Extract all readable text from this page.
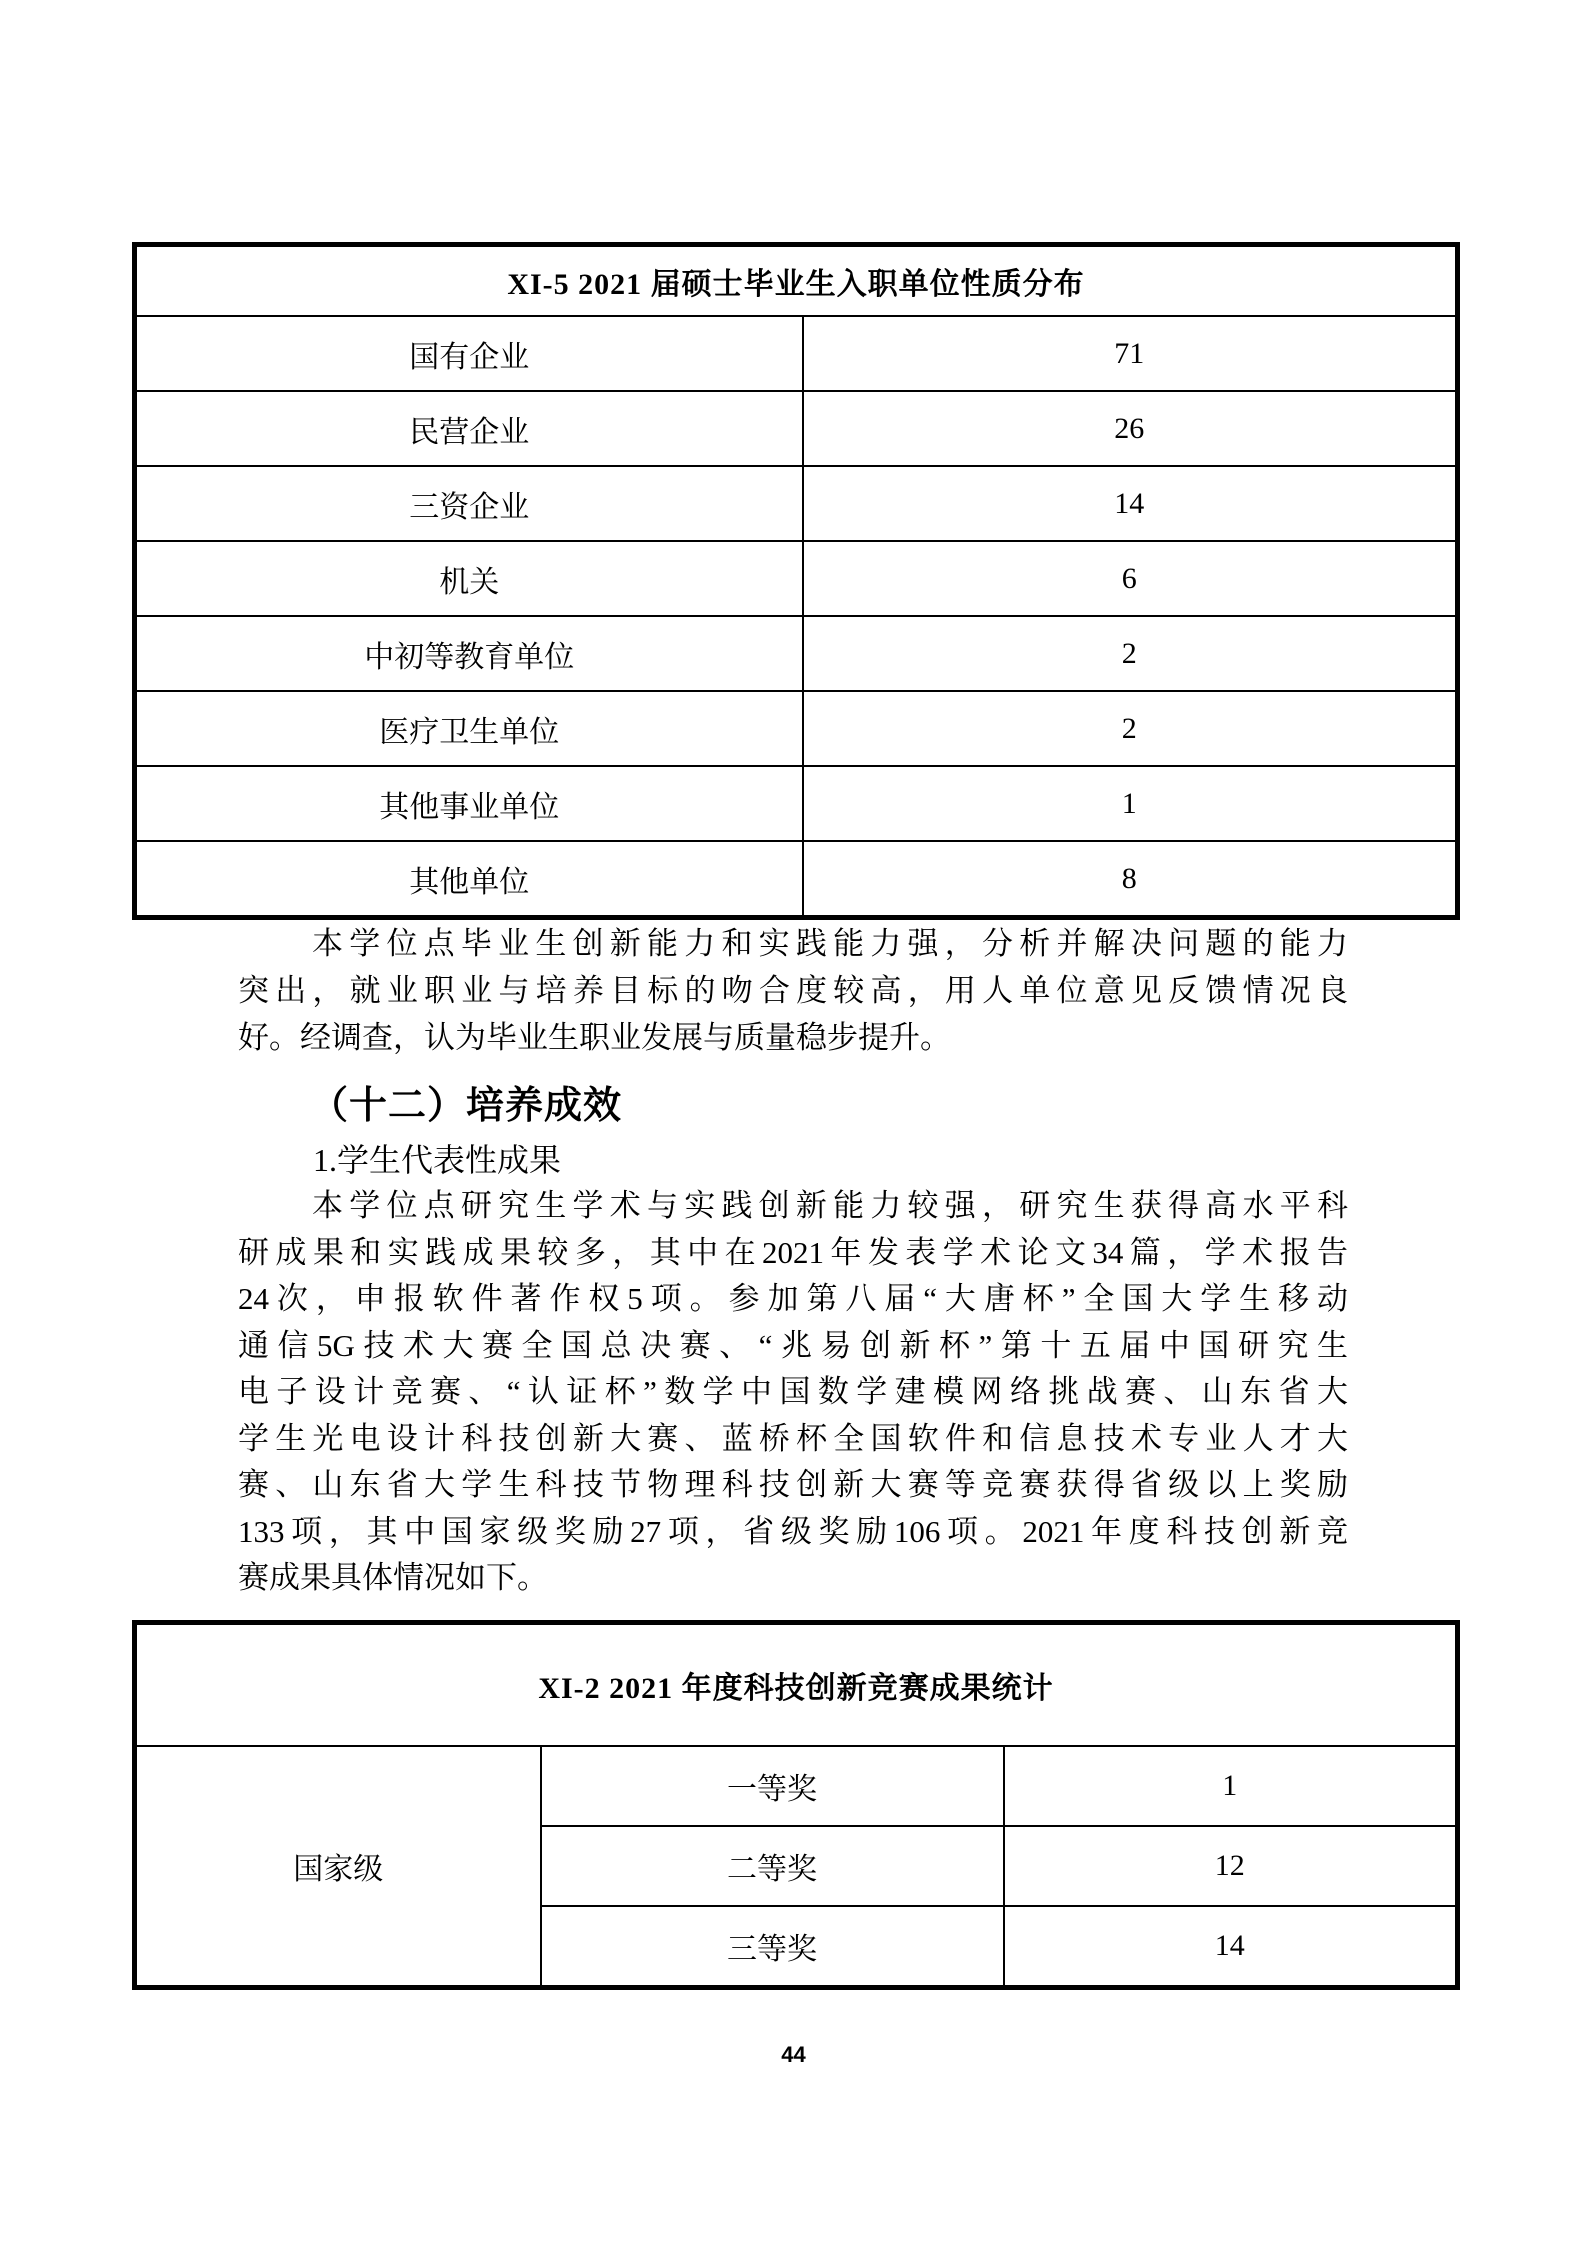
XI-5 2021 届硕士毕业生入职单位性质分布	
国有企业	71
民营企业	26
三资企业	14
机关	6
中初等教育单位	2
医疗卫生单位	2
其他事业单位	1
其他单位	8
本学位点毕业生创新能力和实践能力强，分析并解决问题的能力
突出，就业职业与培养目标的吻合度较高，用人单位意见反馈情况良
好。经调查，认为毕业生职业发展与质量稳步提升。
（十二）培养成效
1.学生代表性成果
本学位点研究生学术与实践创新能力较强，研究生获得高水平科
研成果和实践成果较多，其中在2021年发表学术论文34篇，学术报告
24次，申报软件著作权5项。参加第八届“大唐杯”全国大学生移动
通信5G技术大赛全国总决赛、“兆易创新杯”第十五届中国研究生
电子设计竞赛、“认证杯”数学中国数学建模网络挑战赛、山东省大
学生光电设计科技创新大赛、蓝桥杯全国软件和信息技术专业人才大
赛、山东省大学生科技节物理科技创新大赛等竞赛获得省级以上奖励
133项，其中国家级奖励27项，省级奖励106项。2021年度科技创新竞
赛成果具体情况如下。
XI-2 2021 年度科技创新竞赛成果统计		
国家级	一等奖	1
	二等奖	12
	三等奖	14
44
